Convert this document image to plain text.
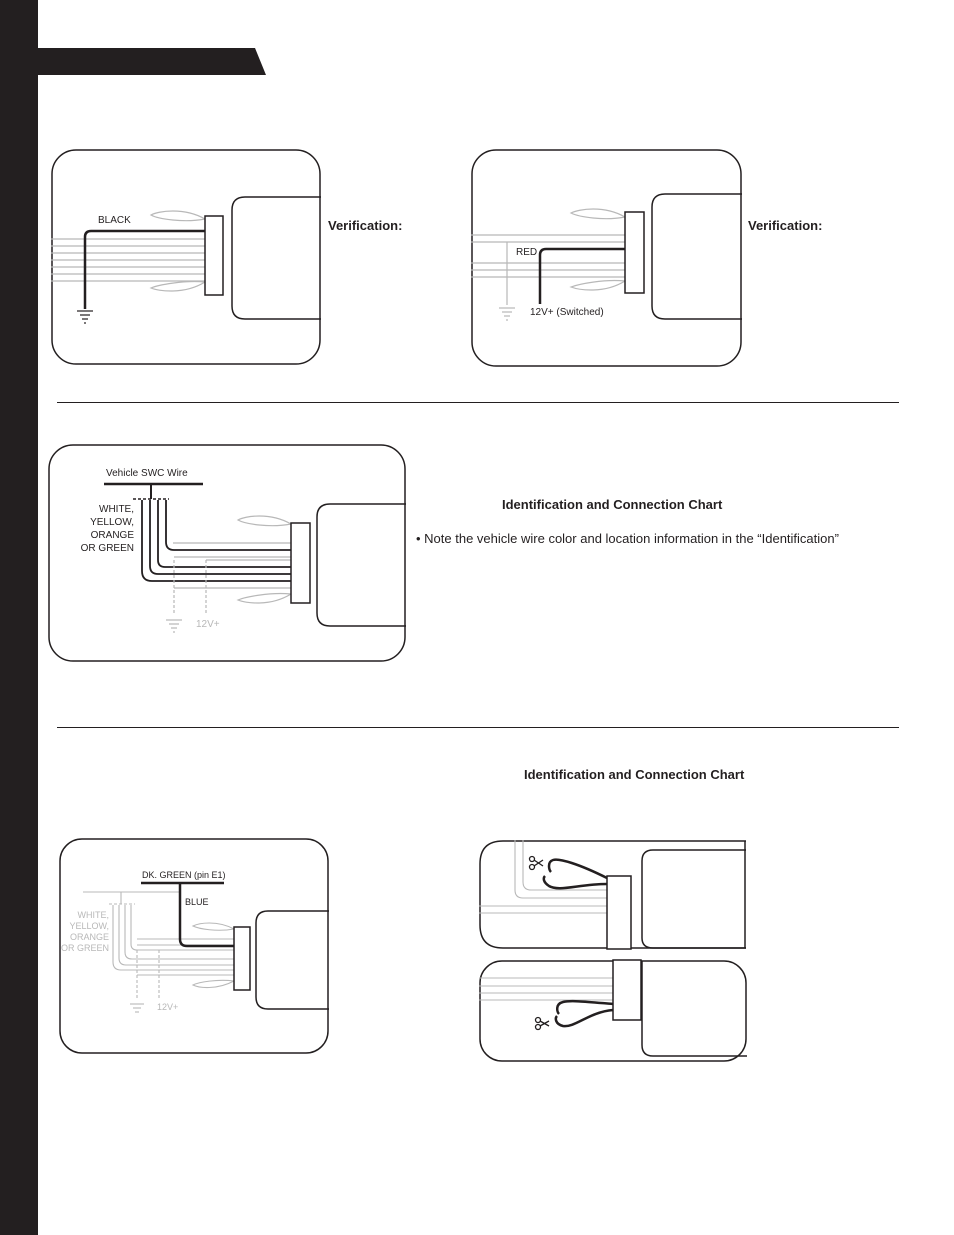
BLACK	Verification:
RED
12V+ (Switched)
Verification:
Vehicle SWC Wire
WHITE,
YELLOW,
ORANGE
OR GREEN
12V+
Identification and Connection Chart
• Note the vehicle wire color and location information in the “Identification”
Identification and Connection Chart
DK. GREEN (pin E1)
BLUE
WHITE,
YELLOW,
ORANGE
OR GREEN
12V+
